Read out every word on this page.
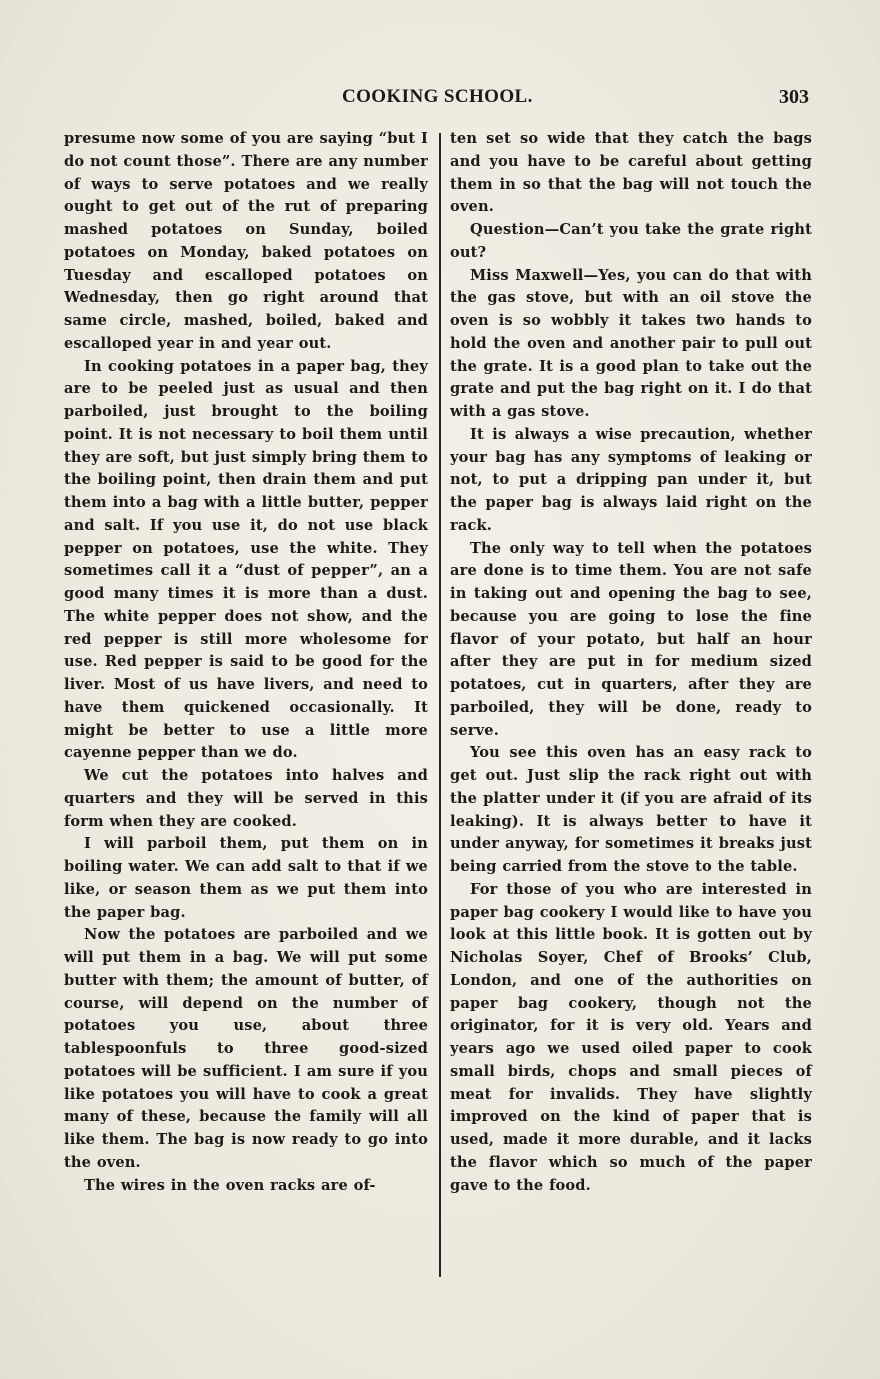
COOKING SCHOOL.	303

presume now some of you are saying “but I do not count those”. There are any number of ways to serve potatoes and we really ought to get out of the rut of preparing mashed potatoes on Sunday, boiled potatoes on Monday, baked potatoes on Tuesday and escalloped potatoes on Wednesday, then go right around that same circle, mashed, boiled, baked and escalloped year in and year out.

In cooking potatoes in a paper bag, they are to be peeled just as usual and then parboiled, just brought to the boiling point. It is not necessary to boil them until they are soft, but just simply bring them to the boiling point, then drain them and put them into a bag with a little butter, pepper and salt. If you use it, do not use black pepper on potatoes, use the white. They sometimes call it a “dust of pepper”, an a good many times it is more than a dust. The white pepper does not show, and the red pepper is still more wholesome for use. Red pepper is said to be good for the liver. Most of us have livers, and need to have them quickened occasionally. It might be better to use a little more cayenne pepper than we do.

We cut the potatoes into halves and quarters and they will be served in this form when they are cooked.

I will parboil them, put them on in boiling water. We can add salt to that if we like, or season them as we put them into the paper bag.

Now the potatoes are parboiled and we will put them in a bag. We will put some butter with them; the amount of butter, of course, will depend on the number of potatoes you use, about three tablespoonfuls to three good-sized potatoes will be sufficient. I am sure if you like potatoes you will have to cook a great many of these, because the family will all like them. The bag is now ready to go into the oven.

The wires in the oven racks are of-

ten set so wide that they catch the bags and you have to be careful about getting them in so that the bag will not touch the oven.

Question—Can’t you take the grate right out?

Miss Maxwell—Yes, you can do that with the gas stove, but with an oil stove the oven is so wobbly it takes two hands to hold the oven and another pair to pull out the grate. It is a good plan to take out the grate and put the bag right on it. I do that with a gas stove.

It is always a wise precaution, whether your bag has any symptoms of leaking or not, to put a dripping pan under it, but the paper bag is always laid right on the rack.

The only way to tell when the potatoes are done is to time them. You are not safe in taking out and opening the bag to see, because you are going to lose the fine flavor of your potato, but half an hour after they are put in for medium sized potatoes, cut in quarters, after they are parboiled, they will be done, ready to serve.

You see this oven has an easy rack to get out. Just slip the rack right out with the platter under it (if you are afraid of its leaking). It is always better to have it under anyway, for sometimes it breaks just being carried from the stove to the table.

For those of you who are interested in paper bag cookery I would like to have you look at this little book. It is gotten out by Nicholas Soyer, Chef of Brooks’ Club, London, and one of the authorities on paper bag cookery, though not the originator, for it is very old. Years and years ago we used oiled paper to cook small birds, chops and small pieces of meat for invalids. They have slightly improved on the kind of paper that is used, made it more durable, and it lacks the flavor which so much of the paper gave to the food.
